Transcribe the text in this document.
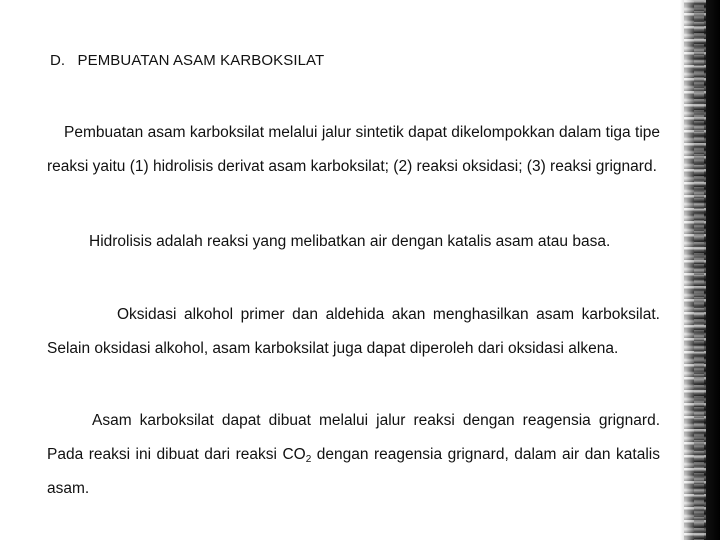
D. PEMBUATAN ASAM KARBOKSILAT

Pembuatan asam karboksilat melalui jalur sintetik dapat dikelompokkan dalam tiga tipe reaksi yaitu (1) hidrolisis derivat asam karboksilat; (2) reaksi oksidasi; (3) reaksi grignard.

Hidrolisis adalah reaksi yang melibatkan air dengan katalis asam atau basa.

Oksidasi alkohol primer dan aldehida akan menghasilkan asam karboksilat. Selain oksidasi alkohol, asam karboksilat juga dapat diperoleh dari oksidasi alkena.

Asam karboksilat dapat dibuat melalui jalur reaksi dengan reagensia grignard. Pada reaksi ini dibuat dari reaksi $CO_2$ dengan reagensia grignard, dalam air dan katalis asam.
